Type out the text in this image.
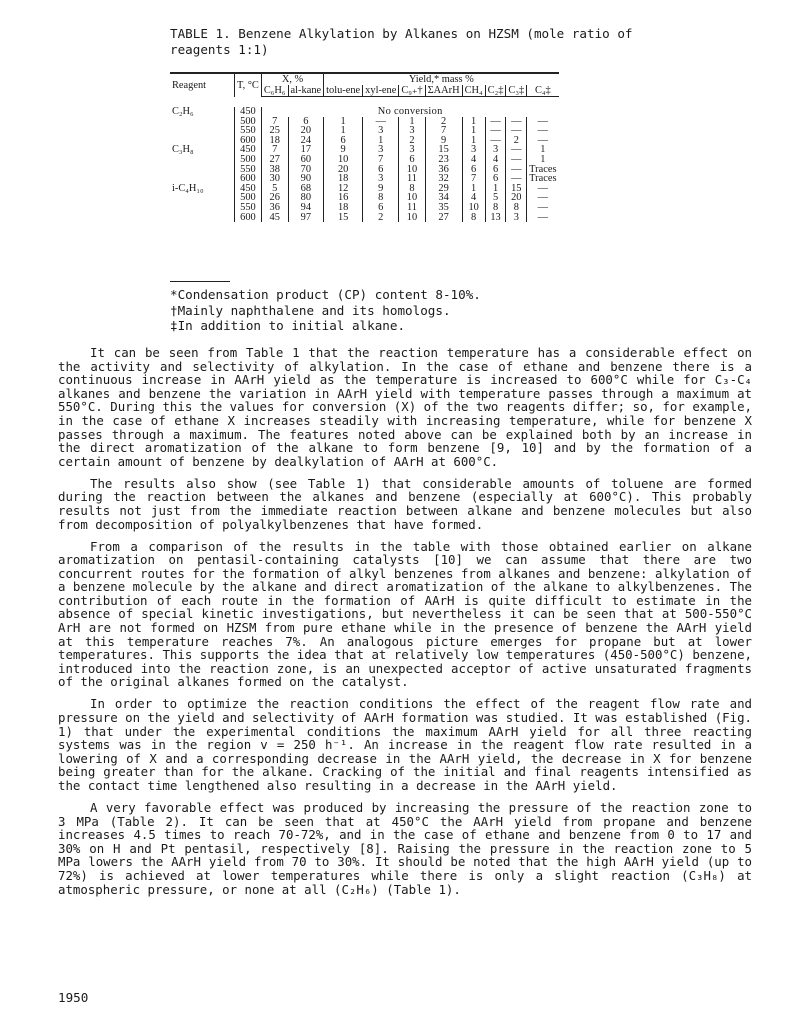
TABLE 1. Benzene Alkylation by Alkanes on HZSM (mole ratio of reagents 1:1)
Reagent	T, °C	X, %		Yield,* mass %							
		C₆H₆	al-kane	tolu-ene	xyl-ene	C₉₊†	ΣAArH	CH₄	C₂‡	C₃‡	C₄‡

C₂H₆	450	No conversion									
	500	7	6	1	—	1	2	1	—	—	—
	550	25	20	1	3	3	7	1	—	—	—
	600	18	24	6	1	2	9	1	—	2	—
C₃H₈	450	7	17	9	3	3	15	3	3	—	1
	500	27	60	10	7	6	23	4	4	—	1
	550	38	70	20	6	10	36	6	6	—	Traces
	600	30	90	18	3	11	32	7	6	—	Traces
i-C₄H₁₀	450	5	68	12	9	8	29	1	1	15	—
	500	26	80	16	8	10	34	4	5	20	—
	550	36	94	18	6	11	35	10	8	8	—
	600	45	97	15	2	10	27	8	13	3	—
*Condensation product (CP) content 8-10%.
†Mainly naphthalene and its homologs.
‡In addition to initial alkane.

It can be seen from Table 1 that the reaction temperature has a considerable effect on the activity and selectivity of alkylation. In the case of ethane and benzene there is a continuous increase in AArH yield as the temperature is increased to 600°C while for C₃-C₄ alkanes and benzene the variation in AArH yield with temperature passes through a maximum at 550°C. During this the values for conversion (X) of the two reagents differ; so, for example, in the case of ethane X increases steadily with increasing temperature, while for benzene X passes through a maximum. The features noted above can be explained both by an increase in the direct aromatization of the alkane to form benzene [9, 10] and by the formation of a certain amount of benzene by dealkylation of AArH at 600°C.

The results also show (see Table 1) that considerable amounts of toluene are formed during the reaction between the alkanes and benzene (especially at 600°C). This probably results not just from the immediate reaction between alkane and benzene molecules but also from decomposition of polyalkylbenzenes that have formed.

From a comparison of the results in the table with those obtained earlier on alkane aromatization on pentasil-containing catalysts [10] we can assume that there are two concurrent routes for the formation of alkyl benzenes from alkanes and benzene: alkylation of a benzene molecule by the alkane and direct aromatization of the alkane to alkylbenzenes. The contribution of each route in the formation of AArH is quite difficult to estimate in the absence of special kinetic investigations, but nevertheless it can be seen that at 500-550°C ArH are not formed on HZSM from pure ethane while in the presence of benzene the AArH yield at this temperature reaches 7%. An analogous picture emerges for propane but at lower temperatures. This supports the idea that at relatively low temperatures (450-500°C) benzene, introduced into the reaction zone, is an unexpected acceptor of active unsaturated fragments of the original alkanes formed on the catalyst.

In order to optimize the reaction conditions the effect of the reagent flow rate and pressure on the yield and selectivity of AArH formation was studied. It was established (Fig. 1) that under the experimental conditions the maximum AArH yield for all three reacting systems was in the region v = 250 h⁻¹. An increase in the reagent flow rate resulted in a lowering of X and a corresponding decrease in the AArH yield, the decrease in X for benzene being greater than for the alkane. Cracking of the initial and final reagents intensified as the contact time lengthened also resulting in a decrease in the AArH yield.

A very favorable effect was produced by increasing the pressure of the reaction zone to 3 MPa (Table 2). It can be seen that at 450°C the AArH yield from propane and benzene increases 4.5 times to reach 70-72%, and in the case of ethane and benzene from 0 to 17 and 30% on H and Pt pentasil, respectively [8]. Raising the pressure in the reaction zone to 5 MPa lowers the AArH yield from 70 to 30%. It should be noted that the high AArH yield (up to 72%) is achieved at lower temperatures while there is only a slight reaction (C₃H₈) at atmospheric pressure, or none at all (C₂H₆) (Table 1).

1950
